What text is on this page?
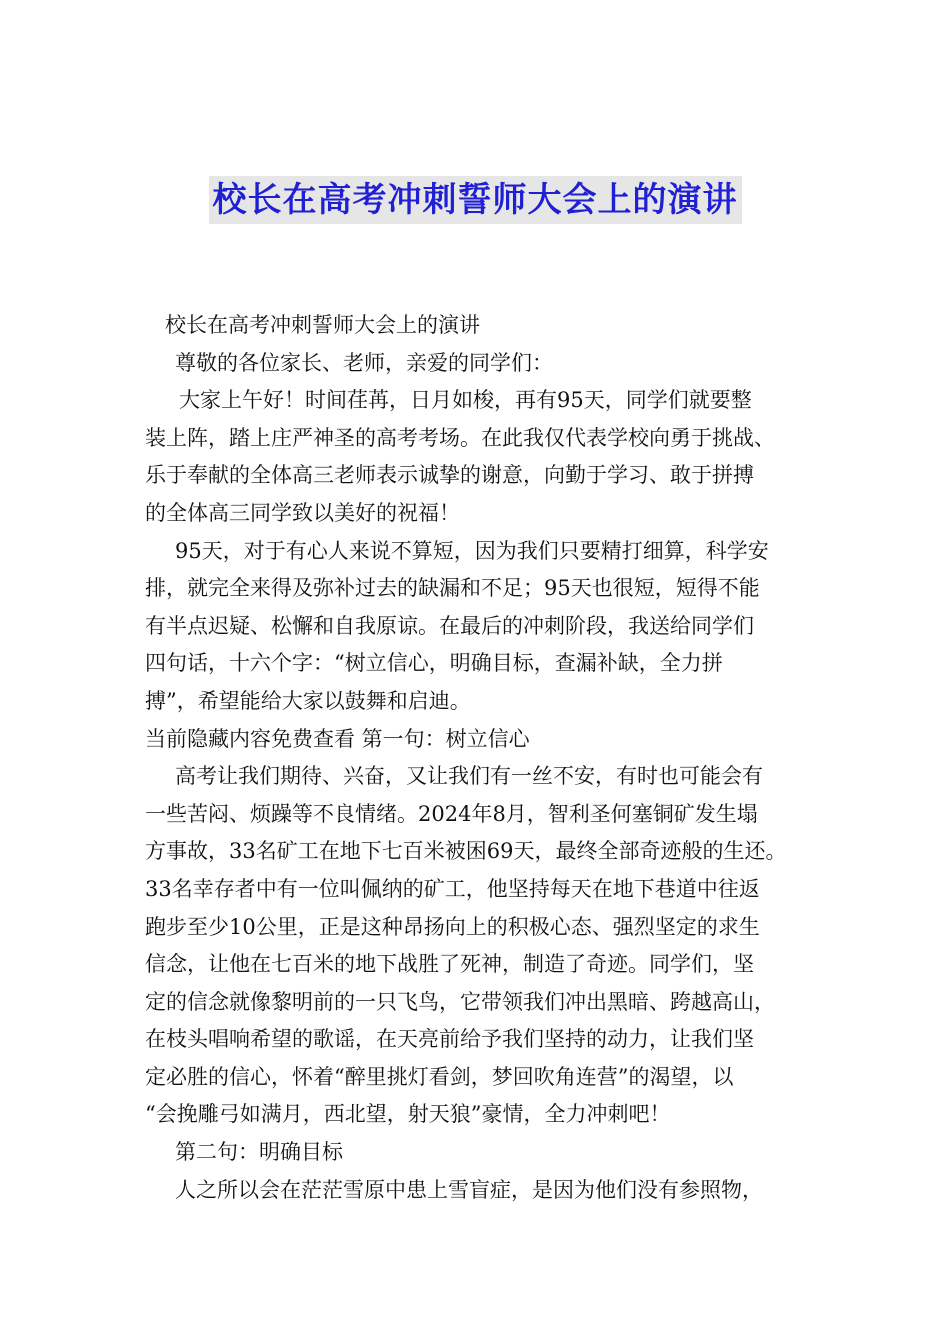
校长在高考冲刺誓师大会上的演讲
校长在高考冲刺誓师大会上的演讲
尊敬的各位家长、老师，亲爱的同学们：
大家上午好！时间荏苒，日月如梭，再有95天，同学们就要整
装上阵，踏上庄严神圣的高考考场。在此我仅代表学校向勇于挑战、
乐于奉献的全体高三老师表示诚挚的谢意，向勤于学习、敢于拼搏
的全体高三同学致以美好的祝福！
95天，对于有心人来说不算短，因为我们只要精打细算，科学安
排，就完全来得及弥补过去的缺漏和不足；95天也很短，短得不能
有半点迟疑、松懈和自我原谅。在最后的冲刺阶段，我送给同学们
四句话，十六个字：“树立信心，明确目标，查漏补缺，全力拼
搏”，希望能给大家以鼓舞和启迪。
当前隐藏内容免费查看 第一句：树立信心
高考让我们期待、兴奋，又让我们有一丝不安，有时也可能会有
一些苦闷、烦躁等不良情绪。2024年8月，智利圣何塞铜矿发生塌
方事故，33名矿工在地下七百米被困69天，最终全部奇迹般的生还。
33名幸存者中有一位叫佩纳的矿工，他坚持每天在地下巷道中往返
跑步至少10公里，正是这种昂扬向上的积极心态、强烈坚定的求生
信念，让他在七百米的地下战胜了死神，制造了奇迹。同学们，坚
定的信念就像黎明前的一只飞鸟，它带领我们冲出黑暗、跨越高山，
在枝头唱响希望的歌谣，在天亮前给予我们坚持的动力，让我们坚
定必胜的信心，怀着“醉里挑灯看剑，梦回吹角连营”的渴望，以
“会挽雕弓如满月，西北望，射天狼”豪情，全力冲刺吧！
第二句：明确目标
人之所以会在茫茫雪原中患上雪盲症，是因为他们没有参照物，
